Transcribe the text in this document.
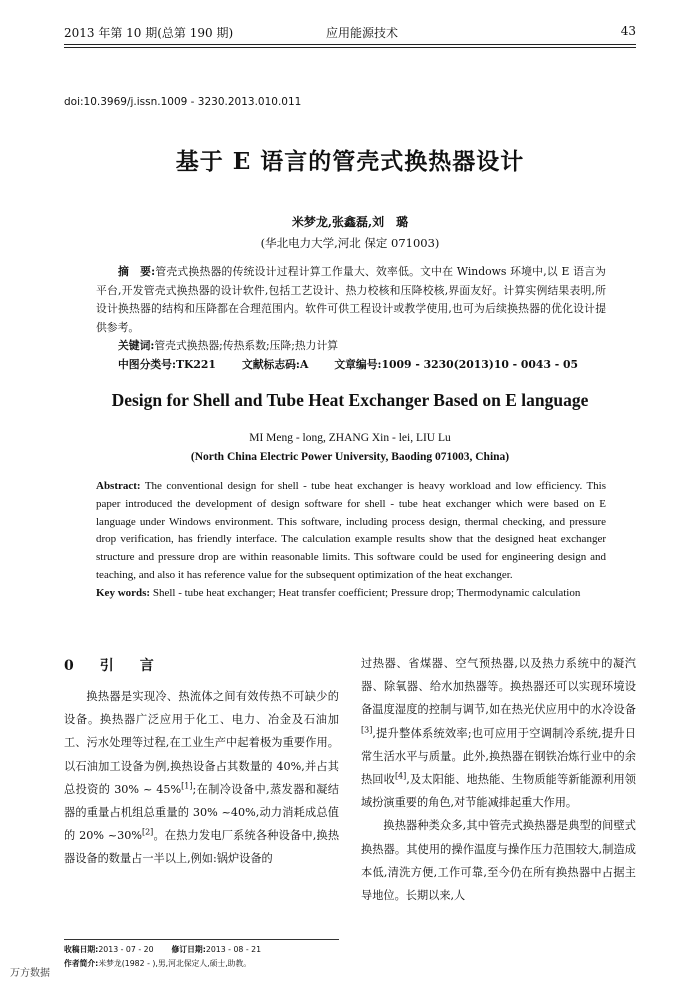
2013 年第 10 期(总第 190 期)	应用能源技术	43
doi:10.3969/j.issn.1009 - 3230.2013.010.011
基于 E 语言的管壳式换热器设计
米梦龙,张鑫磊,刘　璐
(华北电力大学,河北 保定 071003)
摘　要:管壳式换热器的传统设计过程计算工作量大、效率低。文中在 Windows 环境中,以 E 语言为平台,开发管壳式换热器的设计软件,包括工艺设计、热力校核和压降校核,界面友好。计算实例结果表明,所设计换热器的结构和压降都在合理范围内。软件可供工程设计或教学使用,也可为后续换热器的优化设计提供参考。
关键词:管壳式换热器;传热系数;压降;热力计算
中图分类号:TK221 文献标志码:A 文章编号:1009 - 3230(2013)10 - 0043 - 05
Design for Shell and Tube Heat Exchanger Based on E language
MI Meng - long, ZHANG Xin - lei, LIU Lu
(North China Electric Power University, Baoding 071003, China)
Abstract: The conventional design for shell - tube heat exchanger is heavy workload and low efficiency. This paper introduced the development of design software for shell - tube heat exchanger which were based on E language under Windows environment. This software, including process design, thermal checking, and pressure drop verification, has friendly interface. The calculation example results show that the designed heat exchanger structure and pressure drop are within reasonable limits. This software could be used for engineering design and teaching, and also it has reference value for the subsequent optimization of the heat exchanger.
Key words: Shell - tube heat exchanger; Heat transfer coefficient; Pressure drop; Thermodynamic calculation
0　引　言
换热器是实现冷、热流体之间有效传热不可缺少的设备。换热器广泛应用于化工、电力、冶金及石油加工、污水处理等过程,在工业生产中起着极为重要作用。以石油加工设备为例,换热设备占其数量的 40%,并占其总投资的 30% ~ 45%[1];在制冷设备中,蒸发器和凝结器的重量占机组总重量的 30% ~40%,动力消耗成总值的 20% ~30%[2]。在热力发电厂系统各种设备中,换热器设备的数量占一半以上,例如:锅炉设备的
过热器、省煤器、空气预热器,以及热力系统中的凝汽器、除氧器、给水加热器等。换热器还可以实现环境设备温度湿度的控制与调节,如在热光伏应用中的水冷设备[3],提升整体系统效率;也可应用于空调制冷系统,提升日常生活水平与质量。此外,换热器在钢铁冶炼行业中的余热回收[4],及太阳能、地热能、生物质能等新能源利用领域扮演重要的角色,对节能减排起重大作用。
换热器种类众多,其中管壳式换热器是典型的间壁式换热器。其使用的操作温度与操作压力范围较大,制造成本低,清洗方便,工作可靠,至今仍在所有换热器中占据主导地位。长期以来,人
收稿日期:2013 - 07 - 20 修订日期:2013 - 08 - 21
作者简介:米梦龙(1982 - ),男,河北保定人,硕士,助教。
万方数据
